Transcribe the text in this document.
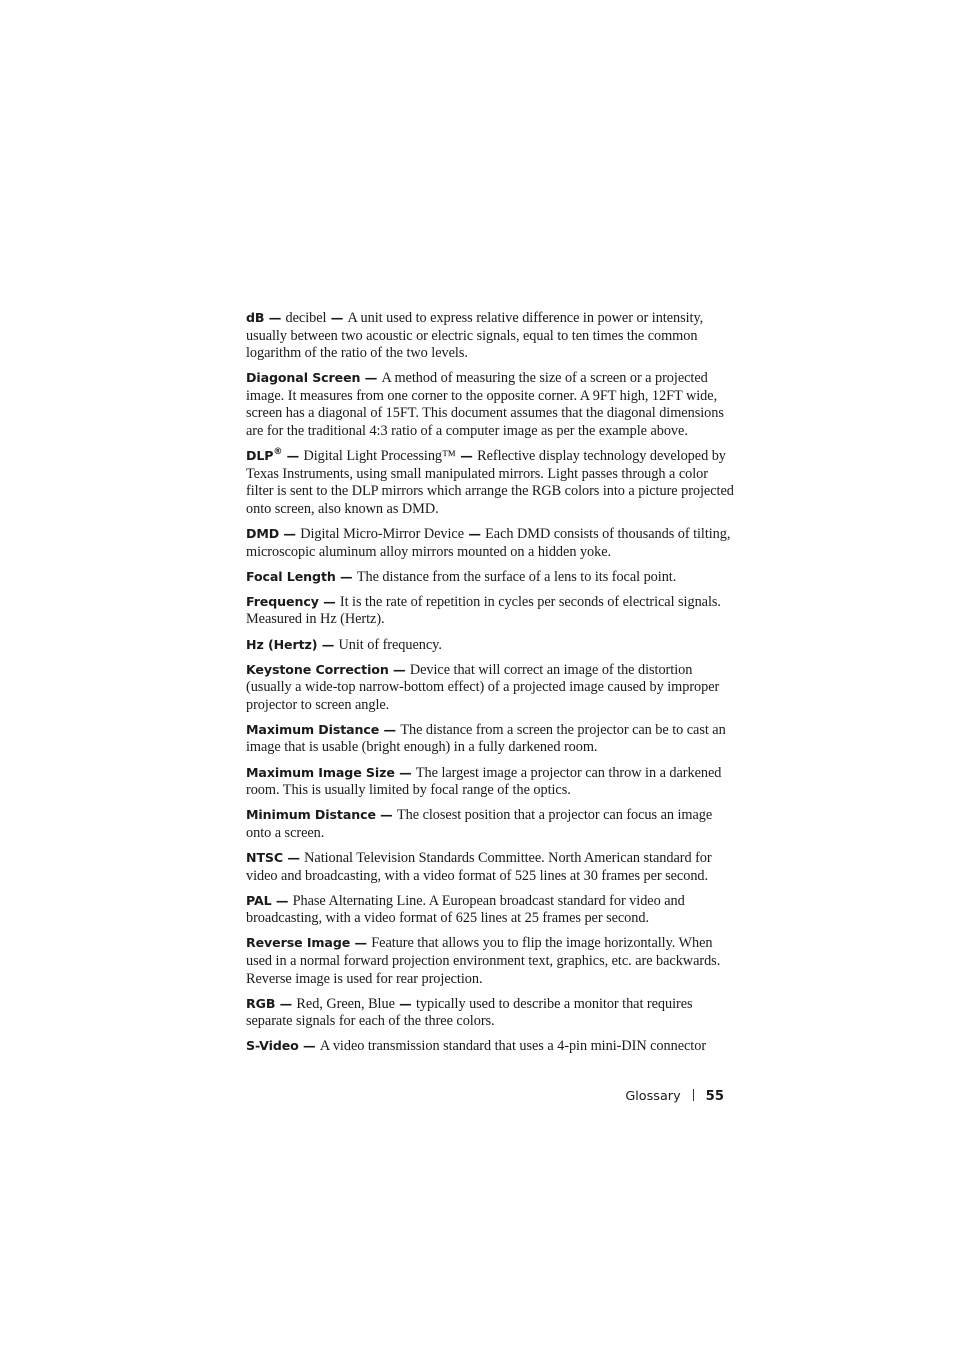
dB — decibel — A unit used to express relative difference in power or intensity, usually between two acoustic or electric signals, equal to ten times the common logarithm of the ratio of the two levels.

Diagonal Screen — A method of measuring the size of a screen or a projected image. It measures from one corner to the opposite corner. A 9FT high, 12FT wide, screen has a diagonal of 15FT. This document assumes that the diagonal dimensions are for the traditional 4:3 ratio of a computer image as per the example above.

DLP® — Digital Light Processing™ — Reflective display technology developed by Texas Instruments, using small manipulated mirrors. Light passes through a color filter is sent to the DLP mirrors which arrange the RGB colors into a picture projected onto screen, also known as DMD.

DMD — Digital Micro-Mirror Device — Each DMD consists of thousands of tilting, microscopic aluminum alloy mirrors mounted on a hidden yoke.

Focal Length — The distance from the surface of a lens to its focal point.

Frequency — It is the rate of repetition in cycles per seconds of electrical signals. Measured in Hz (Hertz).

Hz (Hertz) — Unit of frequency.

Keystone Correction — Device that will correct an image of the distortion (usually a wide-top narrow-bottom effect) of a projected image caused by improper projector to screen angle.

Maximum Distance — The distance from a screen the projector can be to cast an image that is usable (bright enough) in a fully darkened room.

Maximum Image Size — The largest image a projector can throw in a darkened room. This is usually limited by focal range of the optics.

Minimum Distance — The closest position that a projector can focus an image onto a screen.

NTSC — National Television Standards Committee. North American standard for video and broadcasting, with a video format of 525 lines at 30 frames per second.

PAL — Phase Alternating Line. A European broadcast standard for video and broadcasting, with a video format of 625 lines at 25 frames per second.

Reverse Image — Feature that allows you to flip the image horizontally. When used in a normal forward projection environment text, graphics, etc. are backwards. Reverse image is used for rear projection.

RGB — Red, Green, Blue — typically used to describe a monitor that requires separate signals for each of the three colors.

S-Video — A video transmission standard that uses a 4-pin mini-DIN connector

Glossary 55
